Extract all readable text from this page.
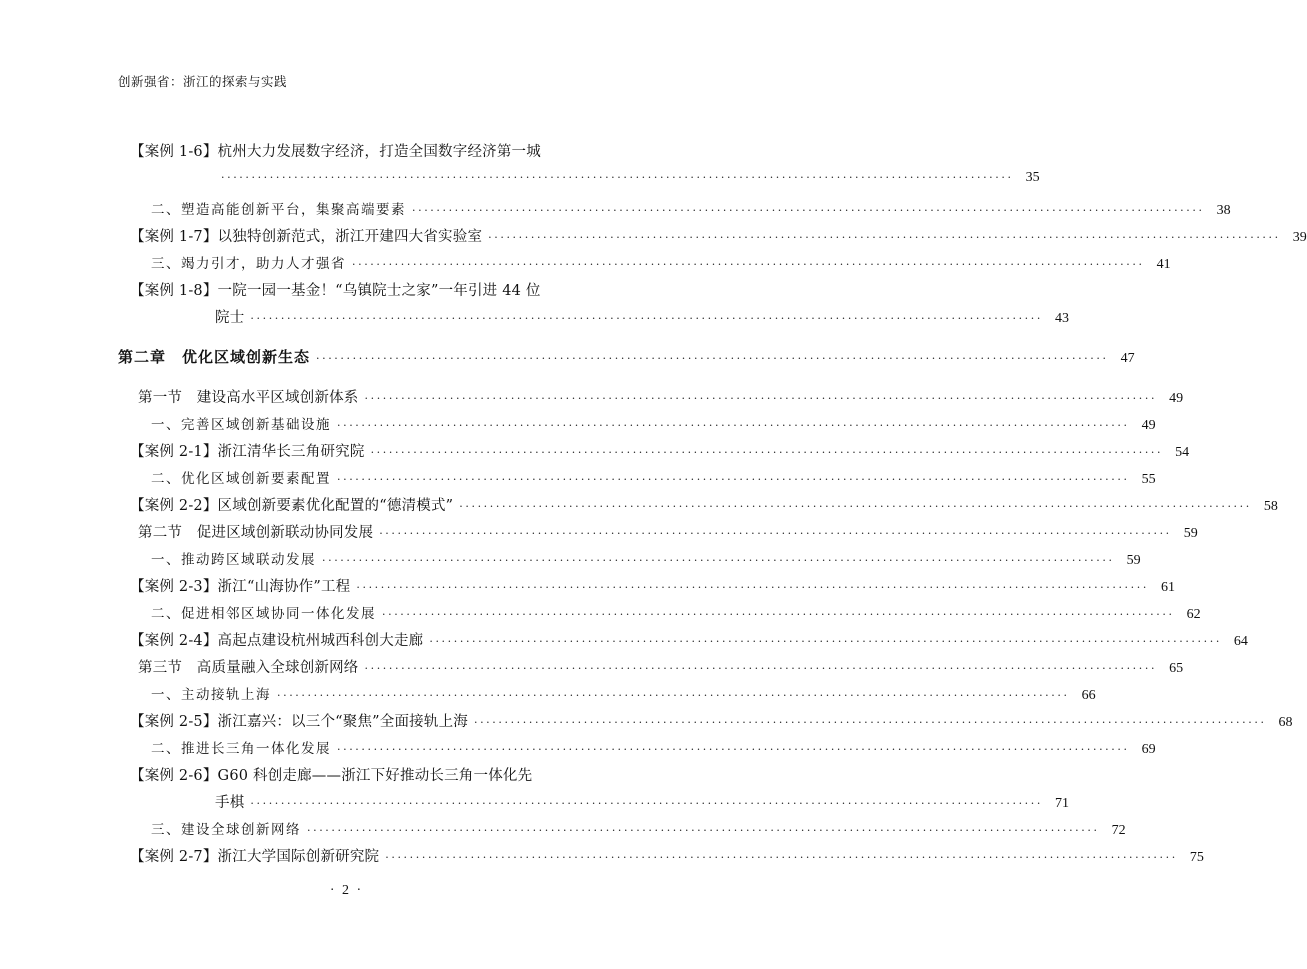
创新强省：浙江的探索与实践
【案例 1-6】杭州大力发展数字经济，打造全国数字经济第一城
·································································································································· 35
二、塑造高能创新平台，集聚高端要素 ·································································································································· 38
【案例 1-7】以独特创新范式，浙江开建四大省实验室 ·································································································································· 39
三、竭力引才，助力人才强省 ·································································································································· 41
【案例 1-8】一院一园一基金！“乌镇院士之家”一年引进 44 位
院士 ·································································································································· 43
第二章　优化区域创新生态 ·································································································································· 47
第一节　建设高水平区域创新体系 ·································································································································· 49
一、完善区域创新基础设施 ·································································································································· 49
【案例 2-1】浙江清华长三角研究院 ·································································································································· 54
二、优化区域创新要素配置 ·································································································································· 55
【案例 2-2】区域创新要素优化配置的“德清模式” ·································································································································· 58
第二节　促进区域创新联动协同发展 ·································································································································· 59
一、推动跨区域联动发展 ·································································································································· 59
【案例 2-3】浙江“山海协作”工程 ·································································································································· 61
二、促进相邻区域协同一体化发展 ·································································································································· 62
【案例 2-4】高起点建设杭州城西科创大走廊 ·································································································································· 64
第三节　高质量融入全球创新网络 ·································································································································· 65
一、主动接轨上海 ·································································································································· 66
【案例 2-5】浙江嘉兴：以三个“聚焦”全面接轨上海 ·································································································································· 68
二、推进长三角一体化发展 ·································································································································· 69
【案例 2-6】G60 科创走廊——浙江下好推动长三角一体化先
手棋 ·································································································································· 71
三、建设全球创新网络 ·································································································································· 72
【案例 2-7】浙江大学国际创新研究院 ·································································································································· 75
· 2 ·
